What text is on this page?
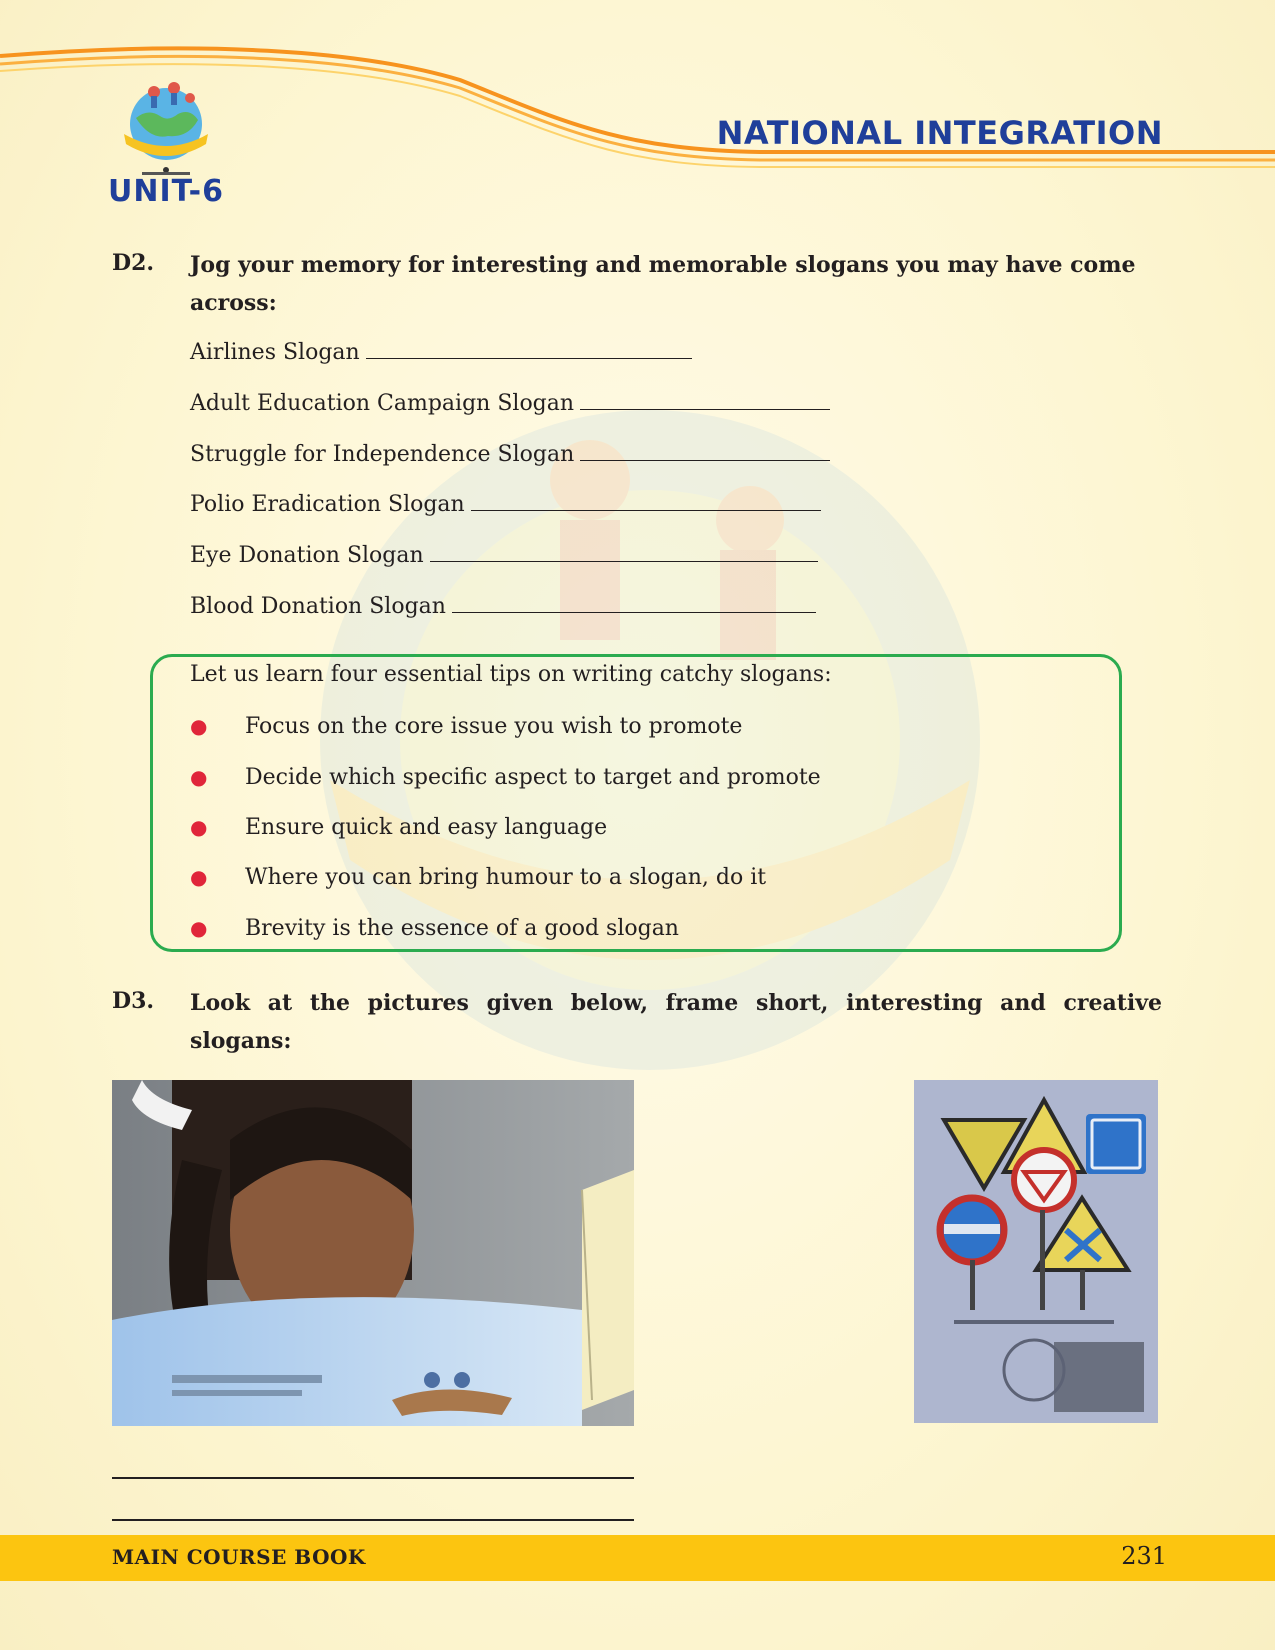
UNIT-6
NATIONAL INTEGRATION
D2. Jog your memory for interesting and memorable slogans you may have come across:
Airlines Slogan
Adult Education Campaign Slogan
Struggle for Independence Slogan
Polio Eradication Slogan
Eye Donation Slogan
Blood Donation Slogan
Let us learn four essential tips on writing catchy slogans:
● Focus on the core issue you wish to promote
● Decide which specific aspect to target and promote
● Ensure quick and easy language
● Where you can bring humour to a slogan, do it
● Brevity is the essence of a good slogan
D3. Look at the pictures given below, frame short, interesting and creative slogans:
MAIN COURSE BOOK	231
